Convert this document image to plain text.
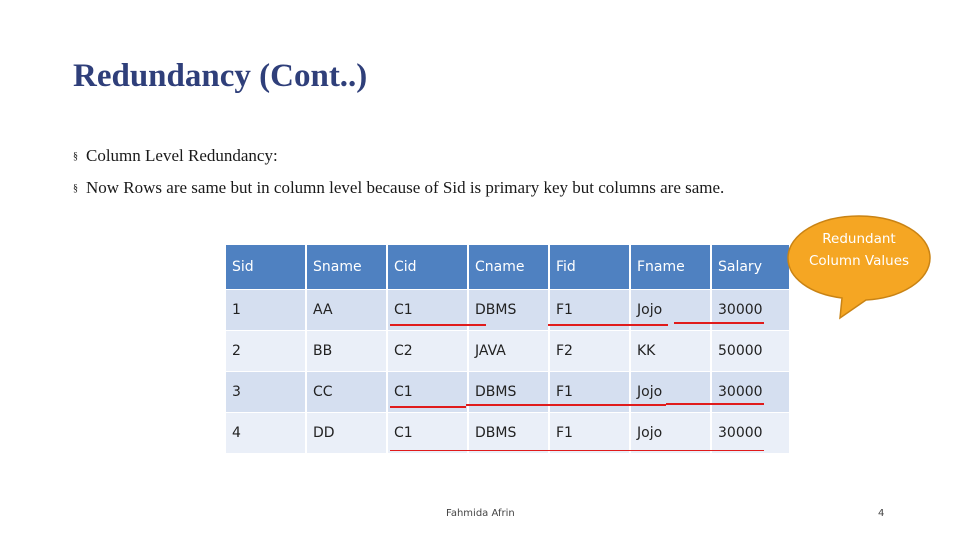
Redundancy (Cont..)
§ Column Level Redundancy:
§ Now Rows are same but in column level because of Sid is primary key but columns are same.
Sid	Sname	Cid	Cname	Fid	Fname	Salary
1	AA	C1	DBMS	F1	Jojo	30000
2	BB	C2	JAVA	F2	KK	50000
3	CC	C1	DBMS	F1	Jojo	30000
4	DD	C1	DBMS	F1	Jojo	30000
Redundant Column Values
Fahmida Afrin	4
